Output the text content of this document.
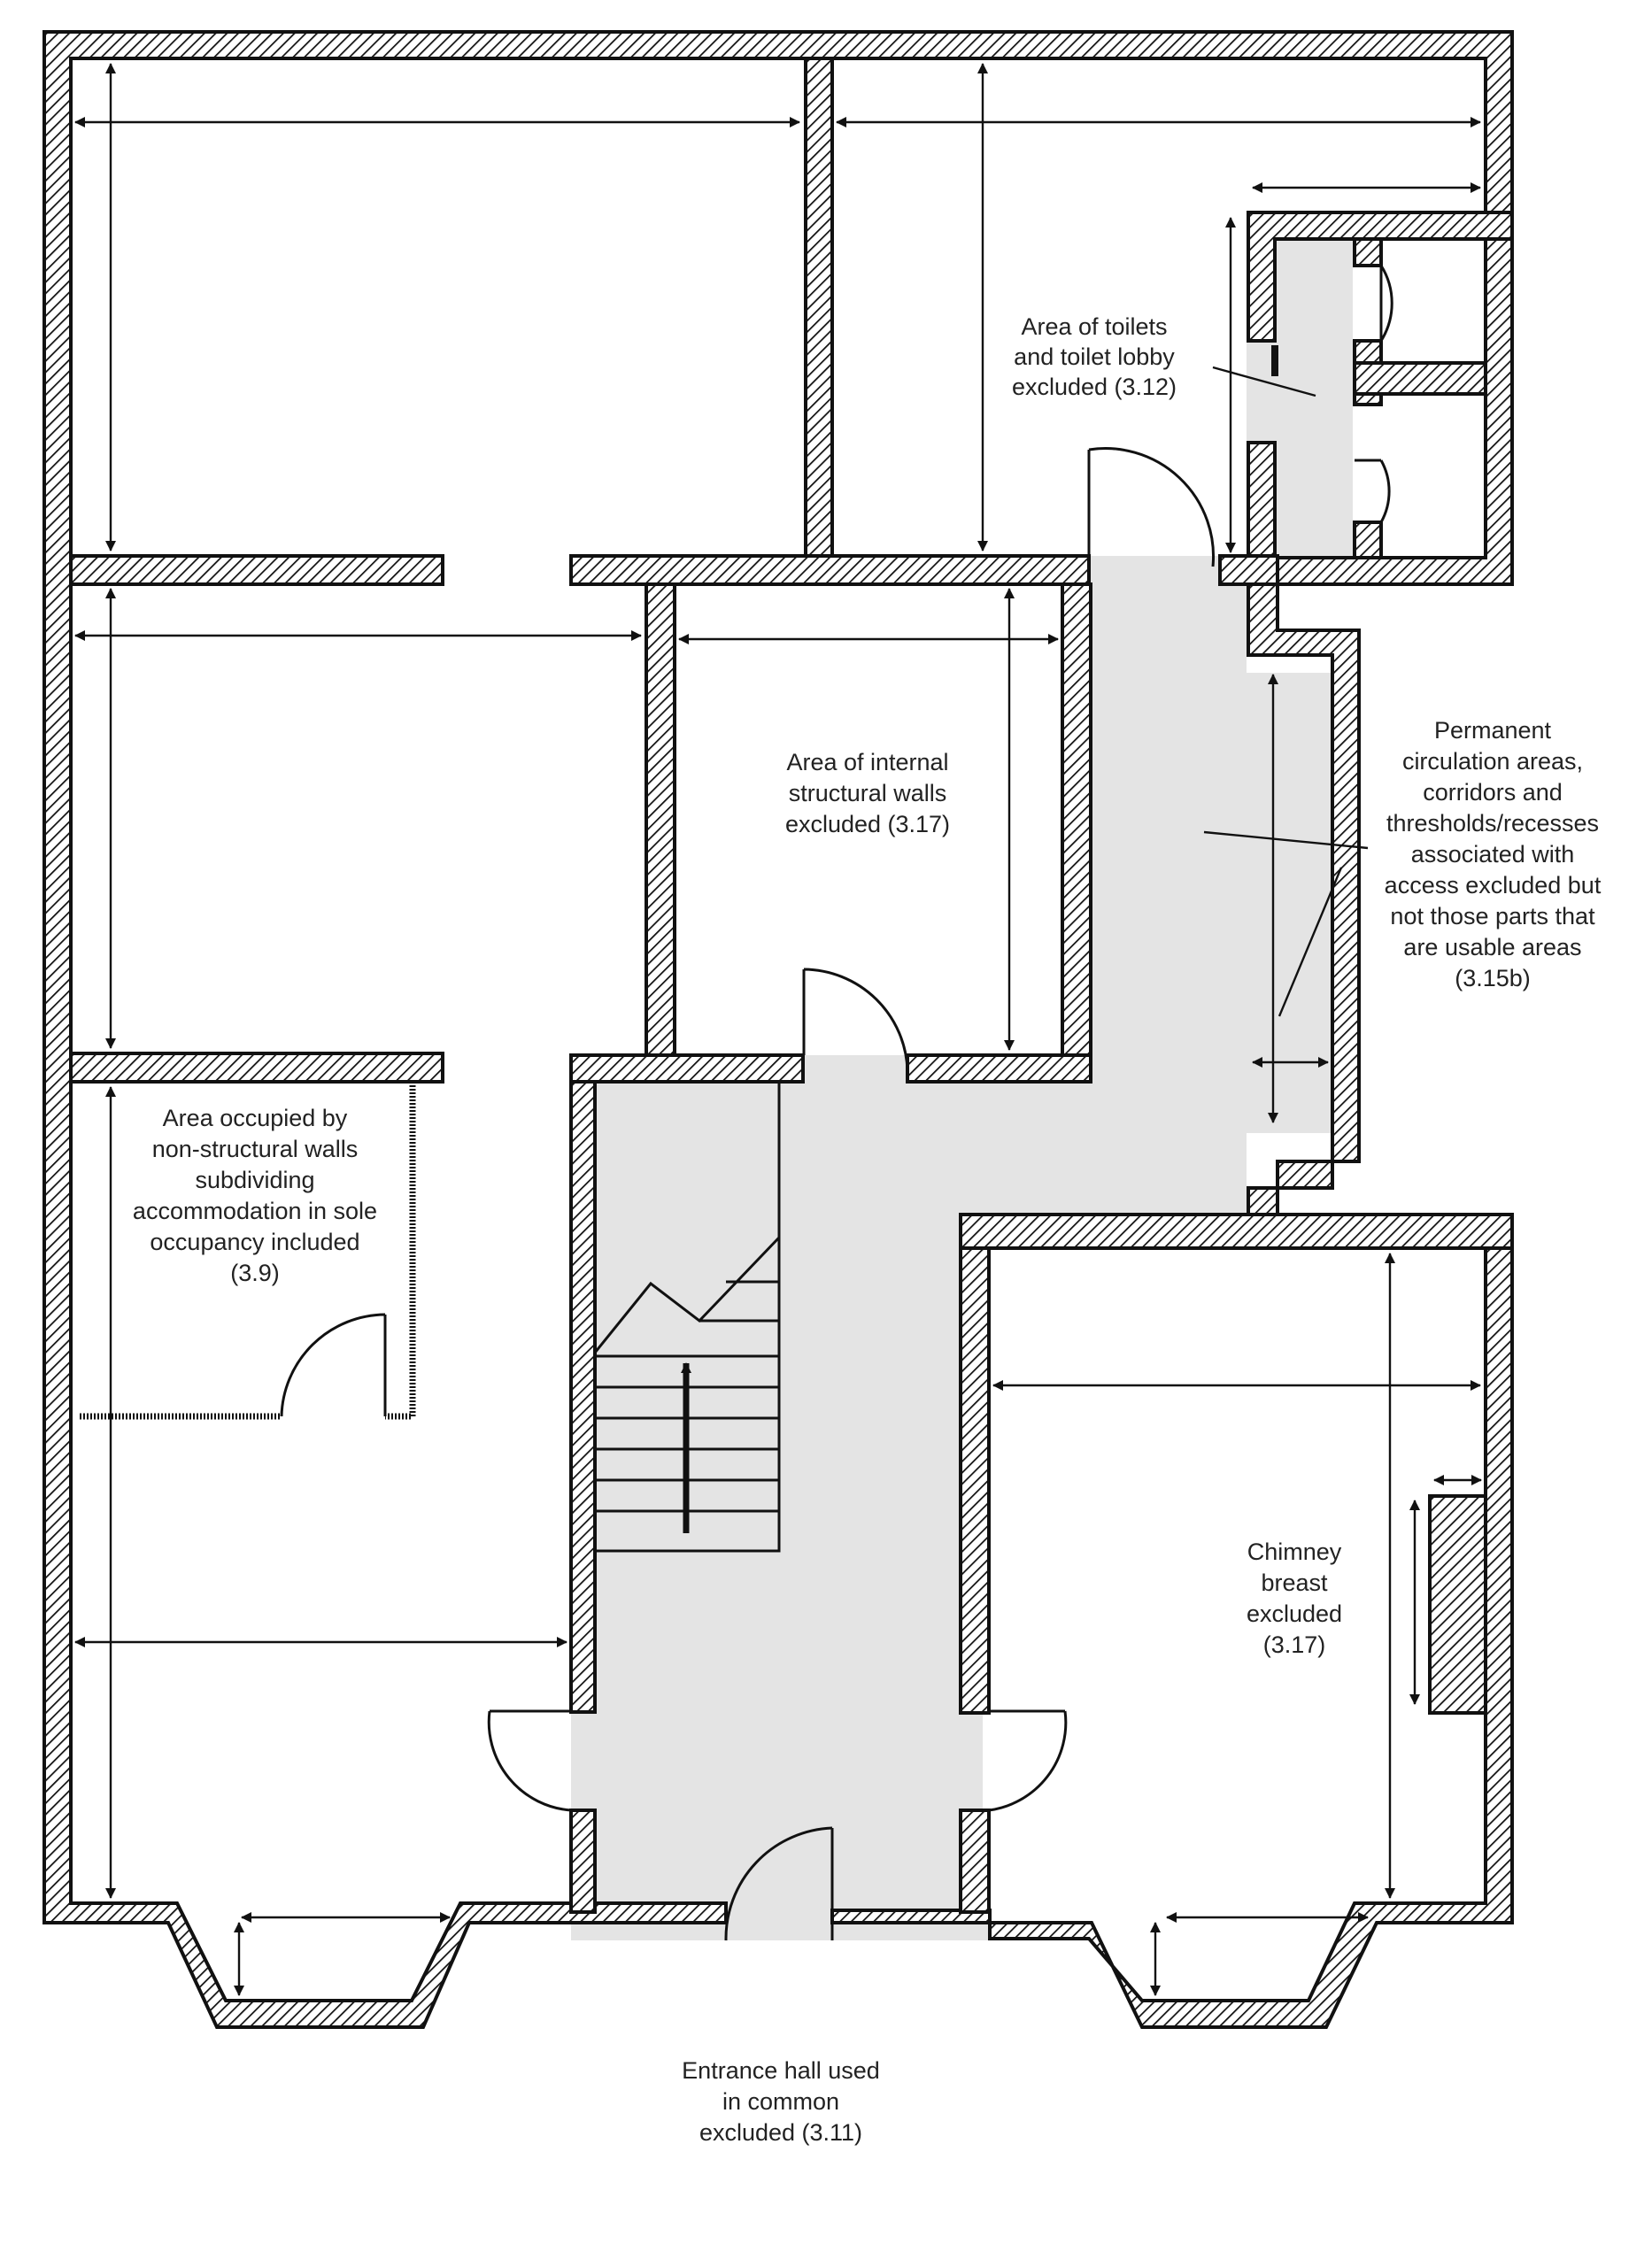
Area of toilets
and toilet lobby
excluded (3.12)
Area of internal
structural walls
excluded (3.17)
Permanent
circulation areas,
corridors and
thresholds/recesses
associated with
access excluded but
not those parts that
are usable areas
(3.15b)
Area occupied by
non-structural walls
subdividing
accommodation in sole
occupancy included
(3.9)
Chimney
breast
excluded
(3.17)
Entrance hall used
in common
excluded (3.11)
